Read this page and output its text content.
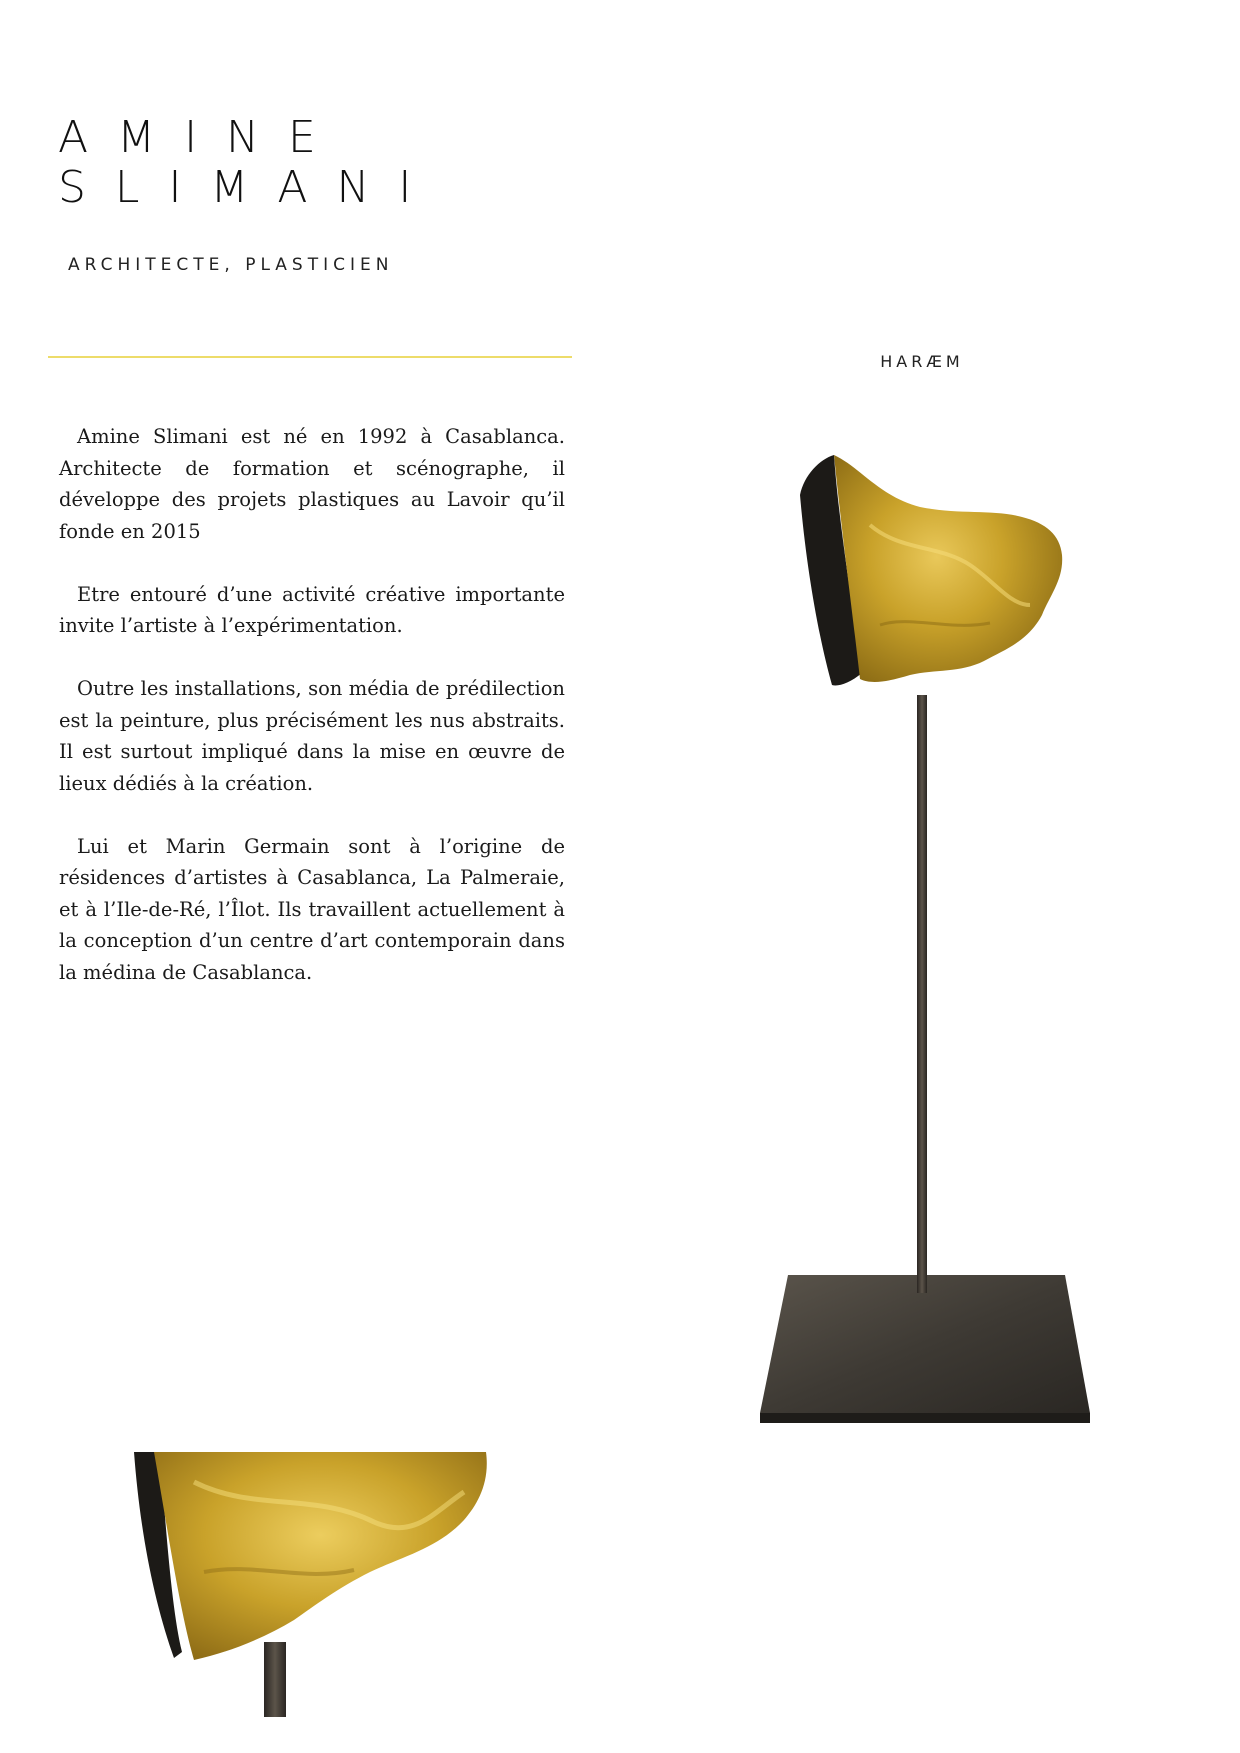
AMINE
SLIMANI
ARCHITECTE, PLASTICIEN
HARÆM

Amine Slimani est né en 1992 à Casablanca. Architecte de formation et scénographe, il développe des projets plastiques au Lavoir qu’il fonde en 2015

Etre entouré d’une activité créative importante invite l’artiste à l’expérimentation.

Outre les installations, son média de prédilection est la peinture, plus précisément les nus abstraits. Il est surtout impliqué dans la mise en œuvre de lieux dédiés à la création.

Lui et Marin Germain sont à l’origine de résidences d’artistes à Casablanca, La Palmeraie, et à l’Ile-de-Ré, l’Îlot. Ils travaillent actuellement à la conception d’un centre d’art contemporain dans la médina de Casablanca.
